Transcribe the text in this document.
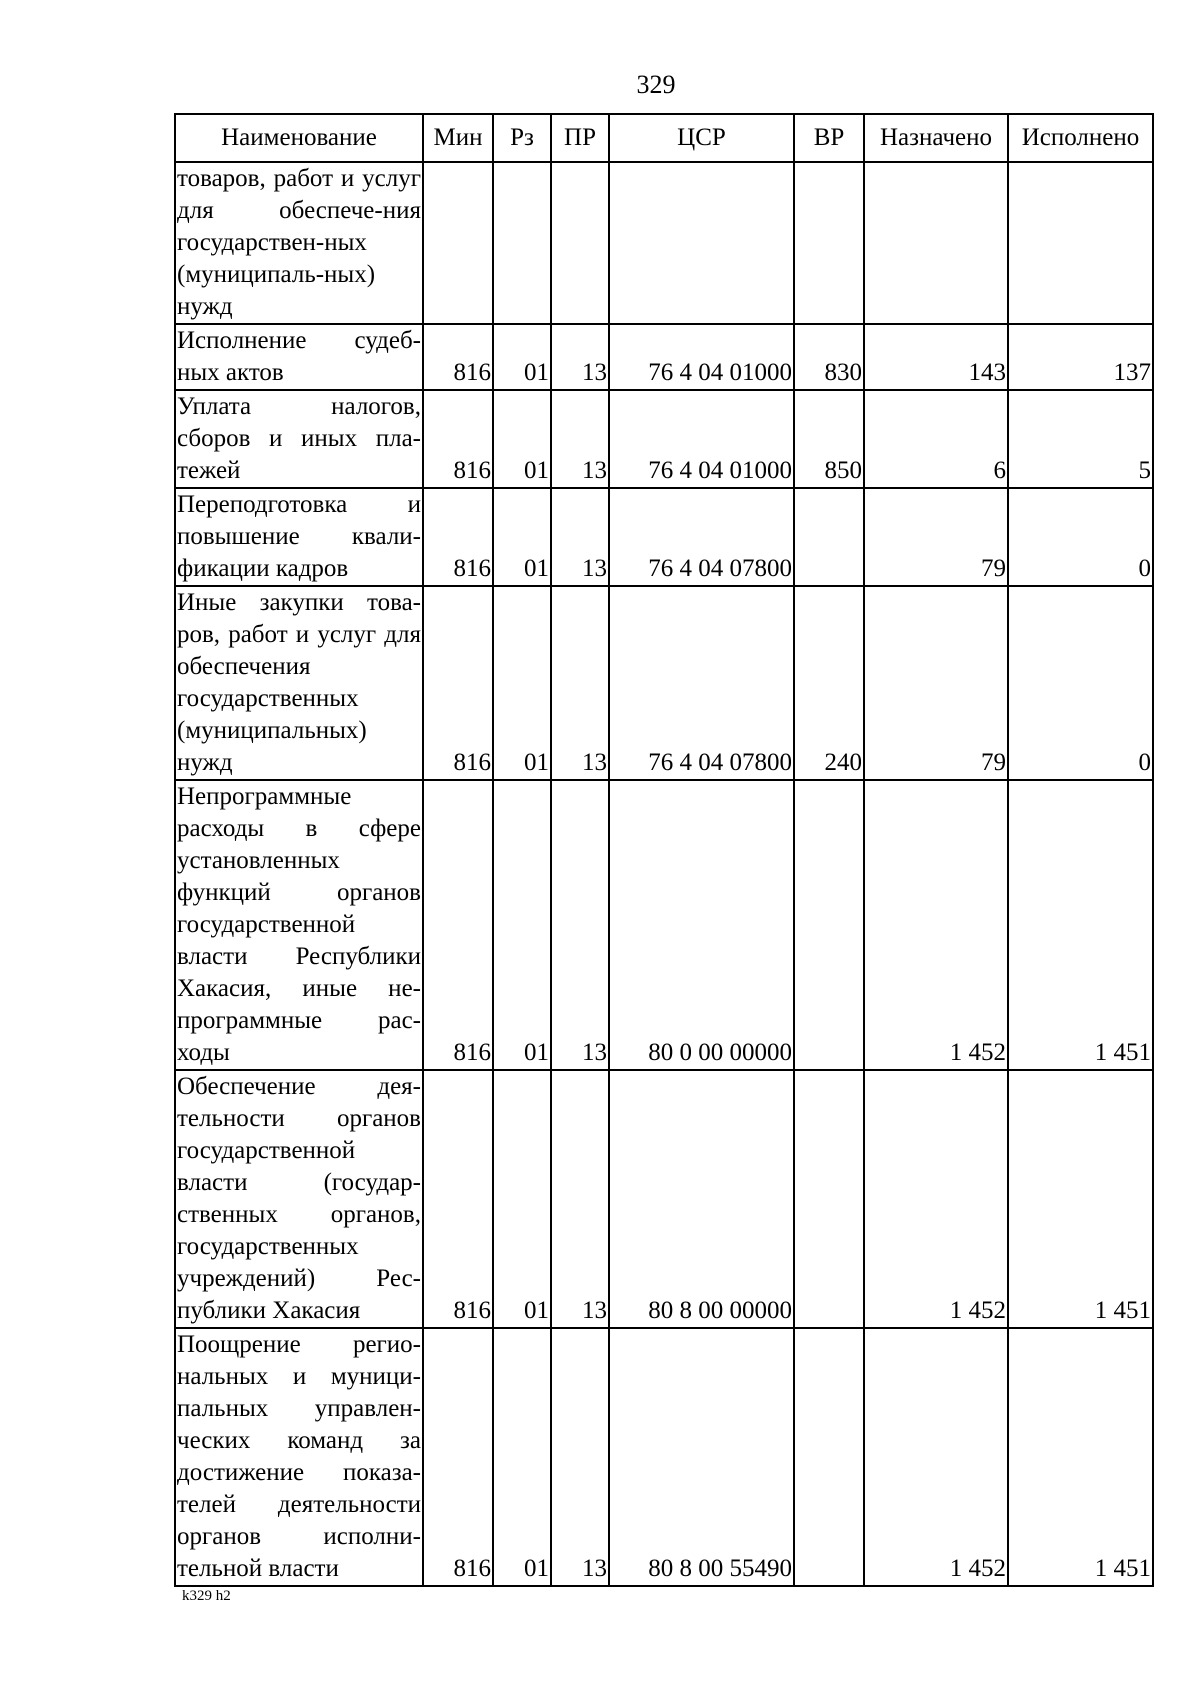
329
Наименование	Мин	Рз	ПР	ЦСР	ВР	Назначено	Исполнено
товаров, работ и услуг для обеспече-ния государствен-ных (муниципаль-ных) нужд							
Исполнение судеб-ных актов	816	01	13	76 4 04 01000	830	143	137
Уплата налогов, сборов и иных пла-тежей	816	01	13	76 4 04 01000	850	6	5
Переподготовка и повышение квали-фикации кадров	816	01	13	76 4 04 07800		79	0
Иные закупки това-ров, работ и услуг для обеспечения государственных (муниципальных) нужд	816	01	13	76 4 04 07800	240	79	0
Непрограммные расходы в сфере установленных функций органов государственной власти Республики Хакасия, иные не-программные рас-ходы	816	01	13	80 0 00 00000		1 452	1 451
Обеспечение дея-тельности органов государственной власти (государ-ственных органов, государственных учреждений) Рес-публики Хакасия	816	01	13	80 8 00 00000		1 452	1 451
Поощрение регио-нальных и муници-пальных управлен-ческих команд за достижение показа-телей деятельности органов исполни-тельной власти	816	01	13	80 8 00 55490		1 452	1 451
k329 h2
